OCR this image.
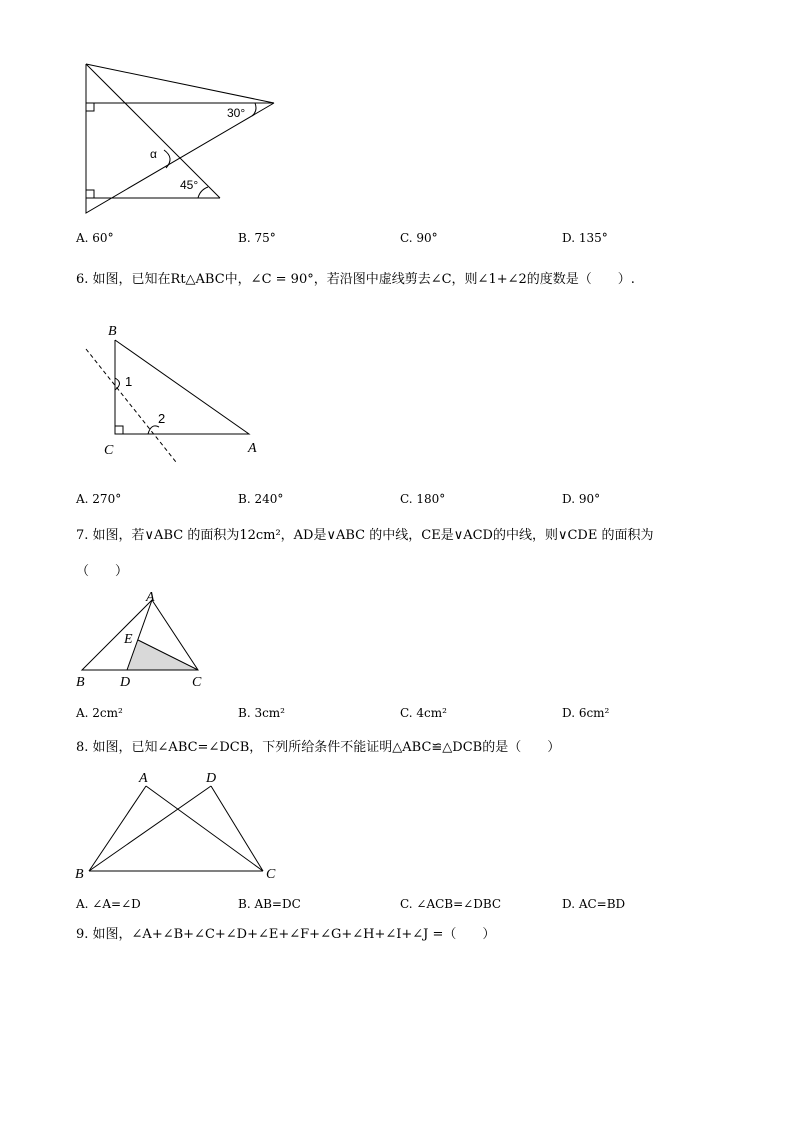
30°
α
45°
A. 60°	B. 75°	C. 90°	D. 135°
6. 如图，已知在Rt△ABC中，∠C = 90°，若沿图中虚线剪去∠C，则∠1+∠2的度数是（　　）.
B
C	A
1
2
A. 270°	B. 240°	C. 180°	D. 90°
7. 如图，若∨ABC 的面积为12cm²，AD是∨ABC 的中线，CE是∨ACD的中线，则∨CDE 的面积为
（　　）
A
E
B	D	C
A. 2cm²	B. 3cm²	C. 4cm²	D. 6cm²
8. 如图，已知∠ABC=∠DCB，下列所给条件不能证明△ABC≌△DCB的是（　　）
A	D
B	C
A. ∠A=∠D	B. AB=DC	C. ∠ACB=∠DBC	D. AC=BD
9. 如图，∠A+∠B+∠C+∠D+∠E+∠F+∠G+∠H+∠I+∠J =（　　）
